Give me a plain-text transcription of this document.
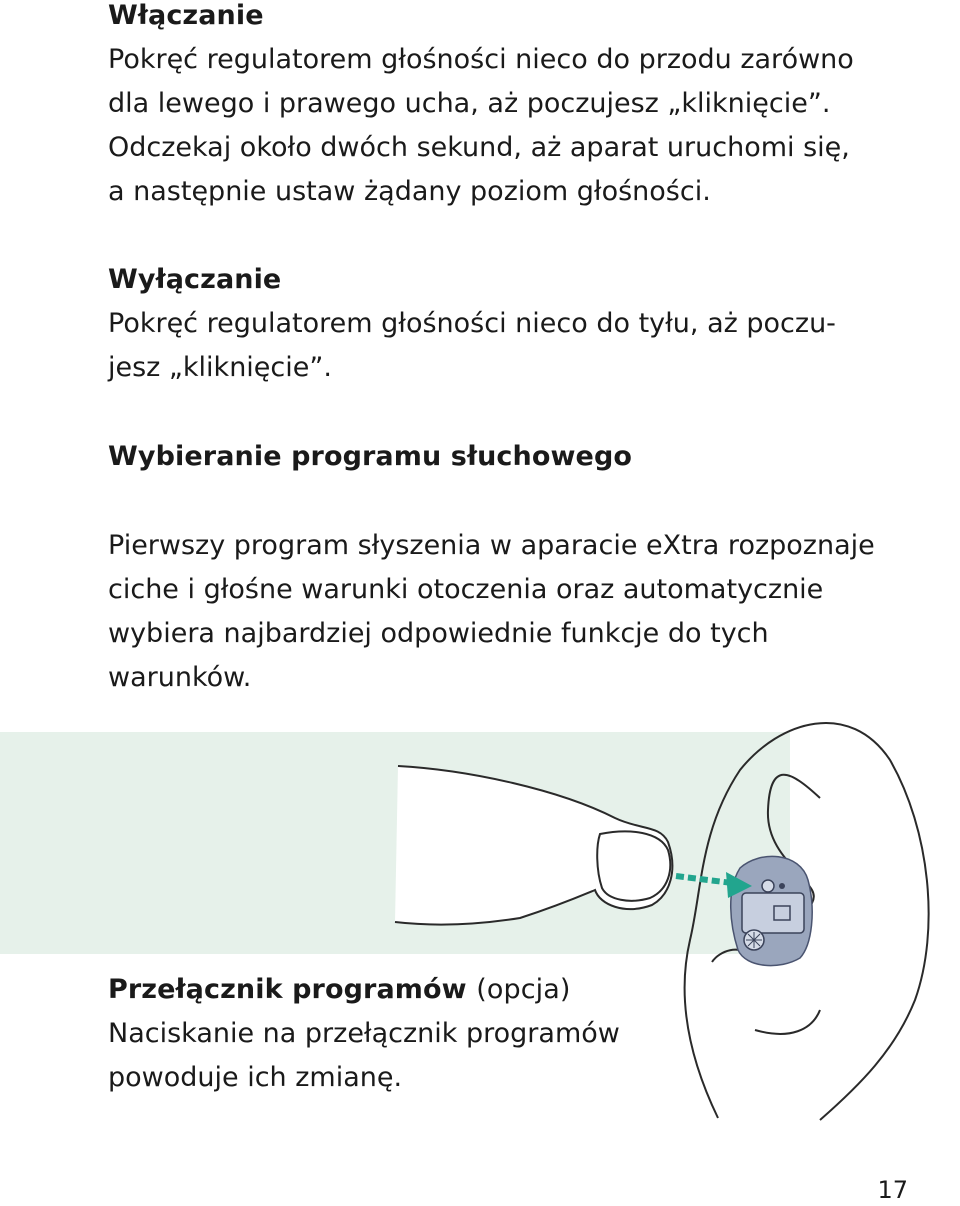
Włączanie

Pokręć regulatorem głośności nieco do przodu zarówno
dla lewego i prawego ucha, aż poczujesz „kliknięcie”.
Odczekaj około dwóch sekund, aż aparat uruchomi się,
a następnie ustaw żądany poziom głośności.

Wyłączanie

Pokręć regulatorem głośności nieco do tyłu, aż poczu-
jesz „kliknięcie”.

Wybieranie programu słuchowego

Pierwszy program słyszenia w aparacie eXtra rozpoznaje
ciche i głośne warunki otoczenia oraz automatycznie
wybiera najbardziej odpowiednie funkcje do tych
warunków.

Przełącznik programów (opcja)

Naciskanie na przełącznik programów
powoduje ich zmianę.

17
